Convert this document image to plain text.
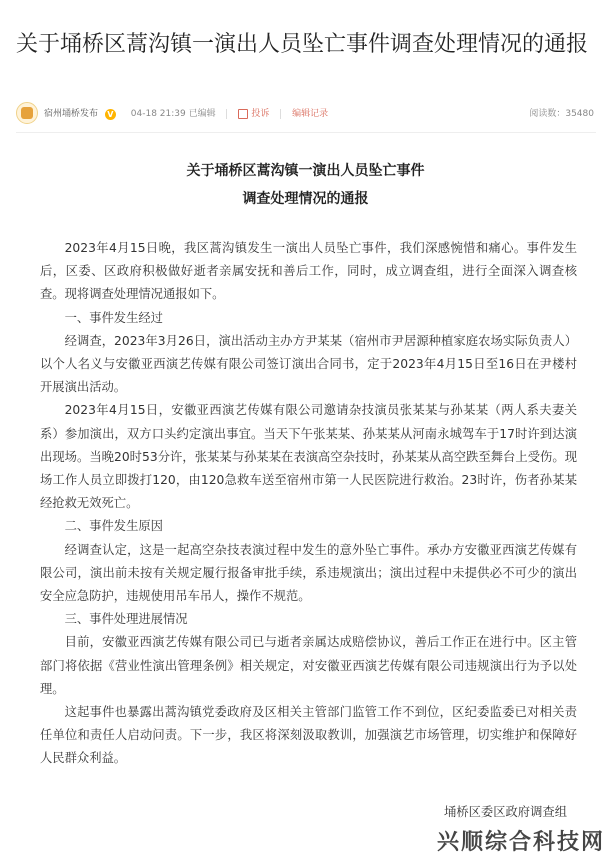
关于埇桥区蒿沟镇一演出人员坠亡事件调查处理情况的通报
宿州埇桥发布 V 04-18 21:39 已编辑	投诉	编辑记录	阅读数：35480
关于埇桥区蒿沟镇一演出人员坠亡事件
调查处理情况的通报

2023年4月15日晚，我区蒿沟镇发生一演出人员坠亡事件，我们深感惋惜和痛心。事件发生后，区委、区政府积极做好逝者亲属安抚和善后工作，同时，成立调查组，进行全面深入调查核查。现将调查处理情况通报如下。

一、事件发生经过

经调查，2023年3月26日，演出活动主办方尹某某（宿州市尹居源种植家庭农场实际负责人）以个人名义与安徽亚西演艺传媒有限公司签订演出合同书，定于2023年4月15日至16日在尹楼村开展演出活动。

2023年4月15日，安徽亚西演艺传媒有限公司邀请杂技演员张某某与孙某某（两人系夫妻关系）参加演出，双方口头约定演出事宜。当天下午张某某、孙某某从河南永城驾车于17时许到达演出现场。当晚20时53分许，张某某与孙某某在表演高空杂技时，孙某某从高空跌至舞台上受伤。现场工作人员立即拨打120，由120急救车送至宿州市第一人民医院进行救治。23时许，伤者孙某某经抢救无效死亡。

二、事件发生原因

经调查认定，这是一起高空杂技表演过程中发生的意外坠亡事件。承办方安徽亚西演艺传媒有限公司，演出前未按有关规定履行报备审批手续，系违规演出；演出过程中未提供必不可少的演出安全应急防护，违规使用吊车吊人，操作不规范。

三、事件处理进展情况

目前，安徽亚西演艺传媒有限公司已与逝者亲属达成赔偿协议，善后工作正在进行中。区主管部门将依据《营业性演出管理条例》相关规定，对安徽亚西演艺传媒有限公司违规演出行为予以处理。

这起事件也暴露出蒿沟镇党委政府及区相关主管部门监管工作不到位，区纪委监委已对相关责任单位和责任人启动问责。下一步，我区将深刻汲取教训，加强演艺市场管理，切实维护和保障好人民群众利益。

埇桥区委区政府调查组
兴顺综合科技网
